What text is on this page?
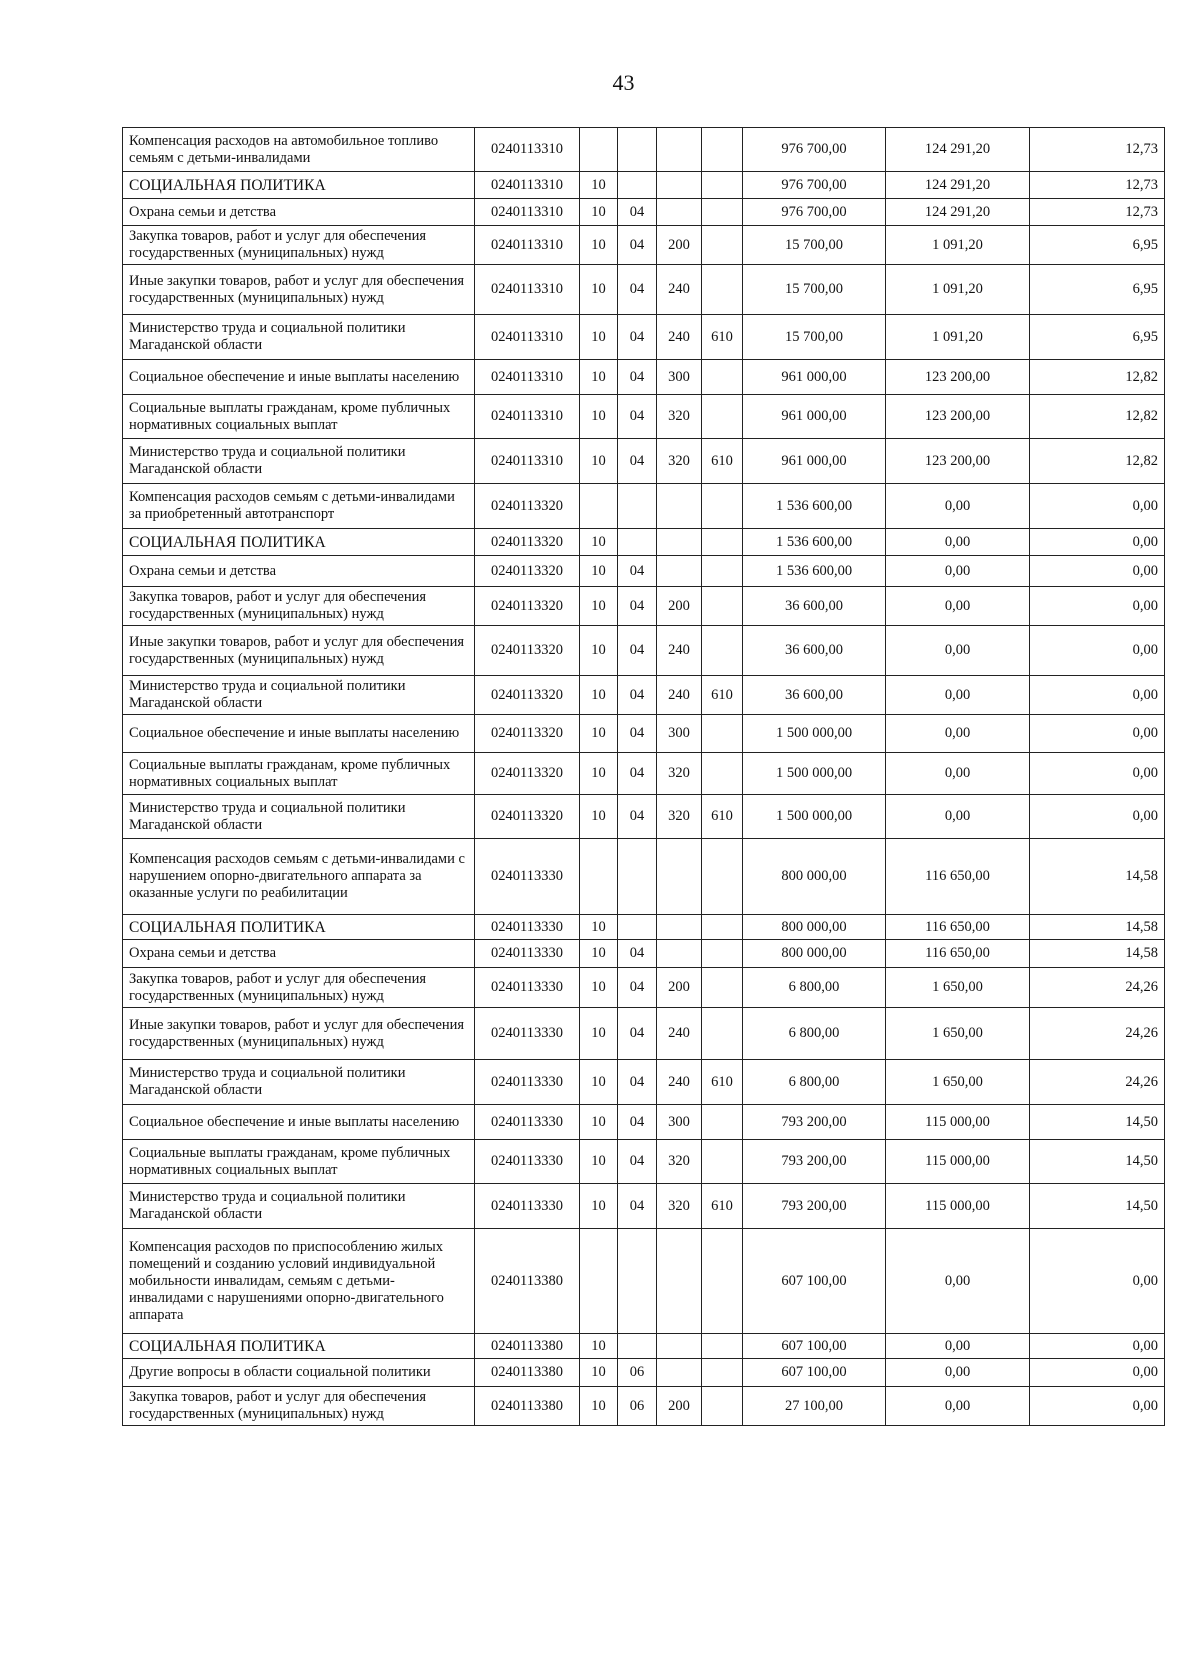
43
Компенсация расходов на автомобильное топливо семьям с детьми-инвалидами	0240113310					976 700,00	124 291,20	12,73
СОЦИАЛЬНАЯ ПОЛИТИКА	0240113310	10				976 700,00	124 291,20	12,73
Охрана семьи и детства	0240113310	10	04			976 700,00	124 291,20	12,73
Закупка товаров, работ и услуг для обеспечения государственных (муниципальных) нужд	0240113310	10	04	200		15 700,00	1 091,20	6,95
Иные закупки товаров, работ и услуг для обеспечения государственных (муниципальных) нужд	0240113310	10	04	240		15 700,00	1 091,20	6,95
Министерство труда и социальной политики Магаданской области	0240113310	10	04	240	610	15 700,00	1 091,20	6,95
Социальное обеспечение и иные выплаты населению	0240113310	10	04	300		961 000,00	123 200,00	12,82
Социальные выплаты гражданам, кроме публичных нормативных социальных выплат	0240113310	10	04	320		961 000,00	123 200,00	12,82
Министерство труда и социальной политики Магаданской области	0240113310	10	04	320	610	961 000,00	123 200,00	12,82
Компенсация расходов семьям с детьми-инвалидами за приобретенный автотранспорт	0240113320					1 536 600,00	0,00	0,00
СОЦИАЛЬНАЯ ПОЛИТИКА	0240113320	10				1 536 600,00	0,00	0,00
Охрана семьи и детства	0240113320	10	04			1 536 600,00	0,00	0,00
Закупка товаров, работ и услуг для обеспечения государственных (муниципальных) нужд	0240113320	10	04	200		36 600,00	0,00	0,00
Иные закупки товаров, работ и услуг для обеспечения государственных (муниципальных) нужд	0240113320	10	04	240		36 600,00	0,00	0,00
Министерство труда и социальной политики Магаданской области	0240113320	10	04	240	610	36 600,00	0,00	0,00
Социальное обеспечение и иные выплаты населению	0240113320	10	04	300		1 500 000,00	0,00	0,00
Социальные выплаты гражданам, кроме публичных нормативных социальных выплат	0240113320	10	04	320		1 500 000,00	0,00	0,00
Министерство труда и социальной политики Магаданской области	0240113320	10	04	320	610	1 500 000,00	0,00	0,00
Компенсация расходов семьям с детьми-инвалидами с нарушением опорно-двигательного аппарата за оказанные услуги по реабилитации	0240113330					800 000,00	116 650,00	14,58
СОЦИАЛЬНАЯ ПОЛИТИКА	0240113330	10				800 000,00	116 650,00	14,58
Охрана семьи и детства	0240113330	10	04			800 000,00	116 650,00	14,58
Закупка товаров, работ и услуг для обеспечения государственных (муниципальных) нужд	0240113330	10	04	200		6 800,00	1 650,00	24,26
Иные закупки товаров, работ и услуг для обеспечения государственных (муниципальных) нужд	0240113330	10	04	240		6 800,00	1 650,00	24,26
Министерство труда и социальной политики Магаданской области	0240113330	10	04	240	610	6 800,00	1 650,00	24,26
Социальное обеспечение и иные выплаты населению	0240113330	10	04	300		793 200,00	115 000,00	14,50
Социальные выплаты гражданам, кроме публичных нормативных социальных выплат	0240113330	10	04	320		793 200,00	115 000,00	14,50
Министерство труда и социальной политики Магаданской области	0240113330	10	04	320	610	793 200,00	115 000,00	14,50
Компенсация расходов по приспособлению жилых помещений и созданию условий индивидуальной мобильности инвалидам, семьям с детьми-инвалидами с нарушениями опорно-двигательного аппарата	0240113380					607 100,00	0,00	0,00
СОЦИАЛЬНАЯ ПОЛИТИКА	0240113380	10				607 100,00	0,00	0,00
Другие вопросы в области социальной политики	0240113380	10	06			607 100,00	0,00	0,00
Закупка товаров, работ и услуг для обеспечения государственных (муниципальных) нужд	0240113380	10	06	200		27 100,00	0,00	0,00
